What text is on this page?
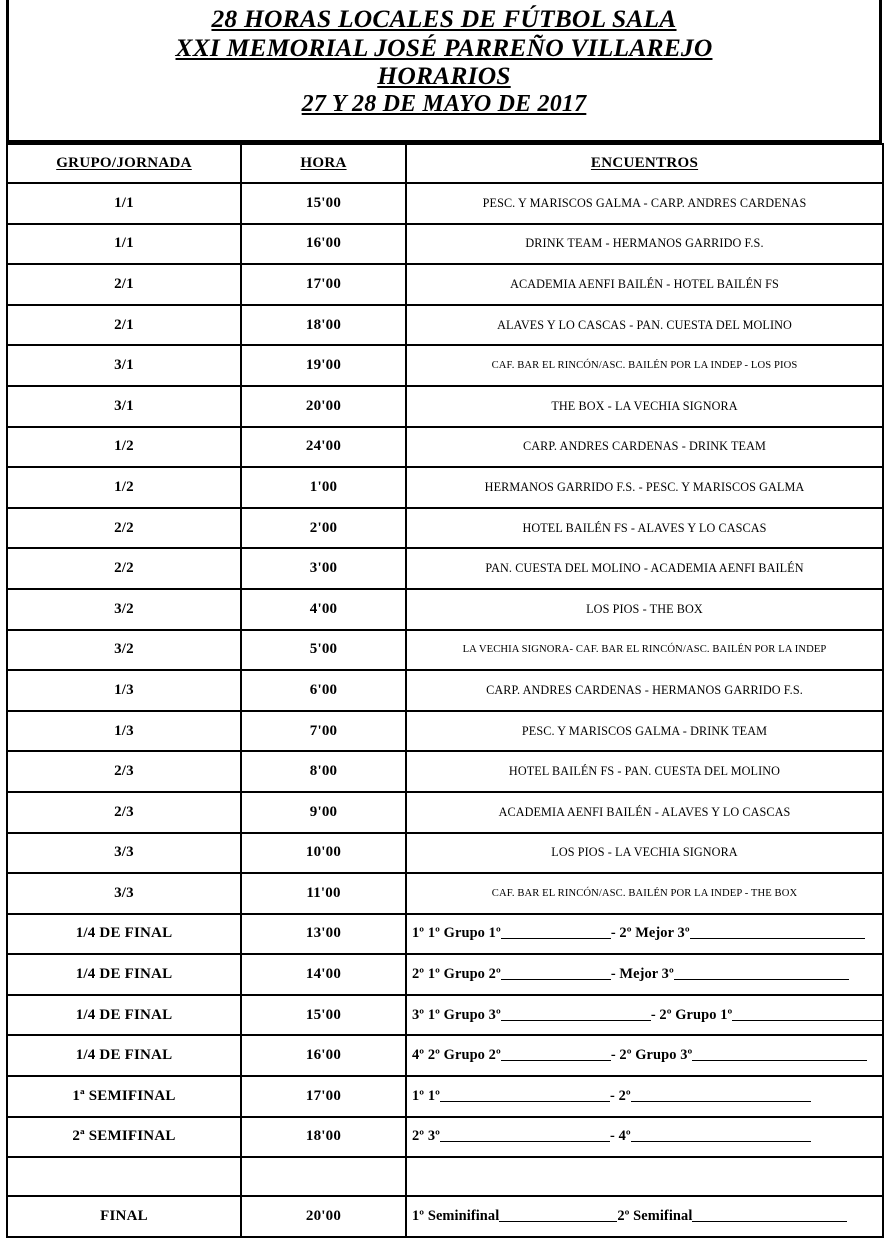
28 HORAS LOCALES DE FÚTBOL SALA
XXI MEMORIAL JOSÉ PARREÑO VILLAREJO
HORARIOS
27 Y 28 DE MAYO DE 2017
GRUPO/JORNADA	HORA	ENCUENTROS
1/1	15'00	PESC. Y MARISCOS GALMA - CARP. ANDRES CARDENAS
1/1	16'00	DRINK TEAM - HERMANOS GARRIDO F.S.
2/1	17'00	ACADEMIA AENFI BAILÉN - HOTEL BAILÉN FS
2/1	18'00	ALAVES Y LO CASCAS - PAN. CUESTA DEL MOLINO
3/1	19'00	CAF. BAR EL RINCÓN/ASC. BAILÉN POR LA INDEP - LOS PIOS
3/1	20'00	THE BOX - LA VECHIA SIGNORA
1/2	24'00	CARP. ANDRES CARDENAS - DRINK TEAM
1/2	1'00	HERMANOS GARRIDO F.S. - PESC. Y MARISCOS GALMA
2/2	2'00	HOTEL BAILÉN FS - ALAVES Y LO CASCAS
2/2	3'00	PAN. CUESTA DEL MOLINO - ACADEMIA AENFI BAILÉN
3/2	4'00	LOS PIOS - THE BOX
3/2	5'00	LA VECHIA SIGNORA- CAF. BAR EL RINCÓN/ASC. BAILÉN POR LA INDEP
1/3	6'00	CARP. ANDRES CARDENAS - HERMANOS GARRIDO F.S.
1/3	7'00	PESC. Y MARISCOS GALMA - DRINK TEAM
2/3	8'00	HOTEL BAILÉN FS - PAN. CUESTA DEL MOLINO
2/3	9'00	ACADEMIA AENFI BAILÉN - ALAVES Y LO CASCAS
3/3	10'00	LOS PIOS - LA VECHIA SIGNORA
3/3	11'00	CAF. BAR EL RINCÓN/ASC. BAILÉN POR LA INDEP - THE BOX
1/4 DE FINAL	13'00	1º 1º Grupo 1º - 2º Mejor 3º
1/4 DE FINAL	14'00	2º 1º Grupo 2º - Mejor 3º
1/4 DE FINAL	15'00	3º 1º Grupo 3º - 2º Grupo 1º
1/4 DE FINAL	16'00	4º 2º Grupo 2º - 2º Grupo 3º
1ª SEMIFINAL	17'00	1º 1º - 2º
2ª SEMIFINAL	18'00	2º 3º - 4º

FINAL	20'00	1º Seminifinal 2º Semifinal
